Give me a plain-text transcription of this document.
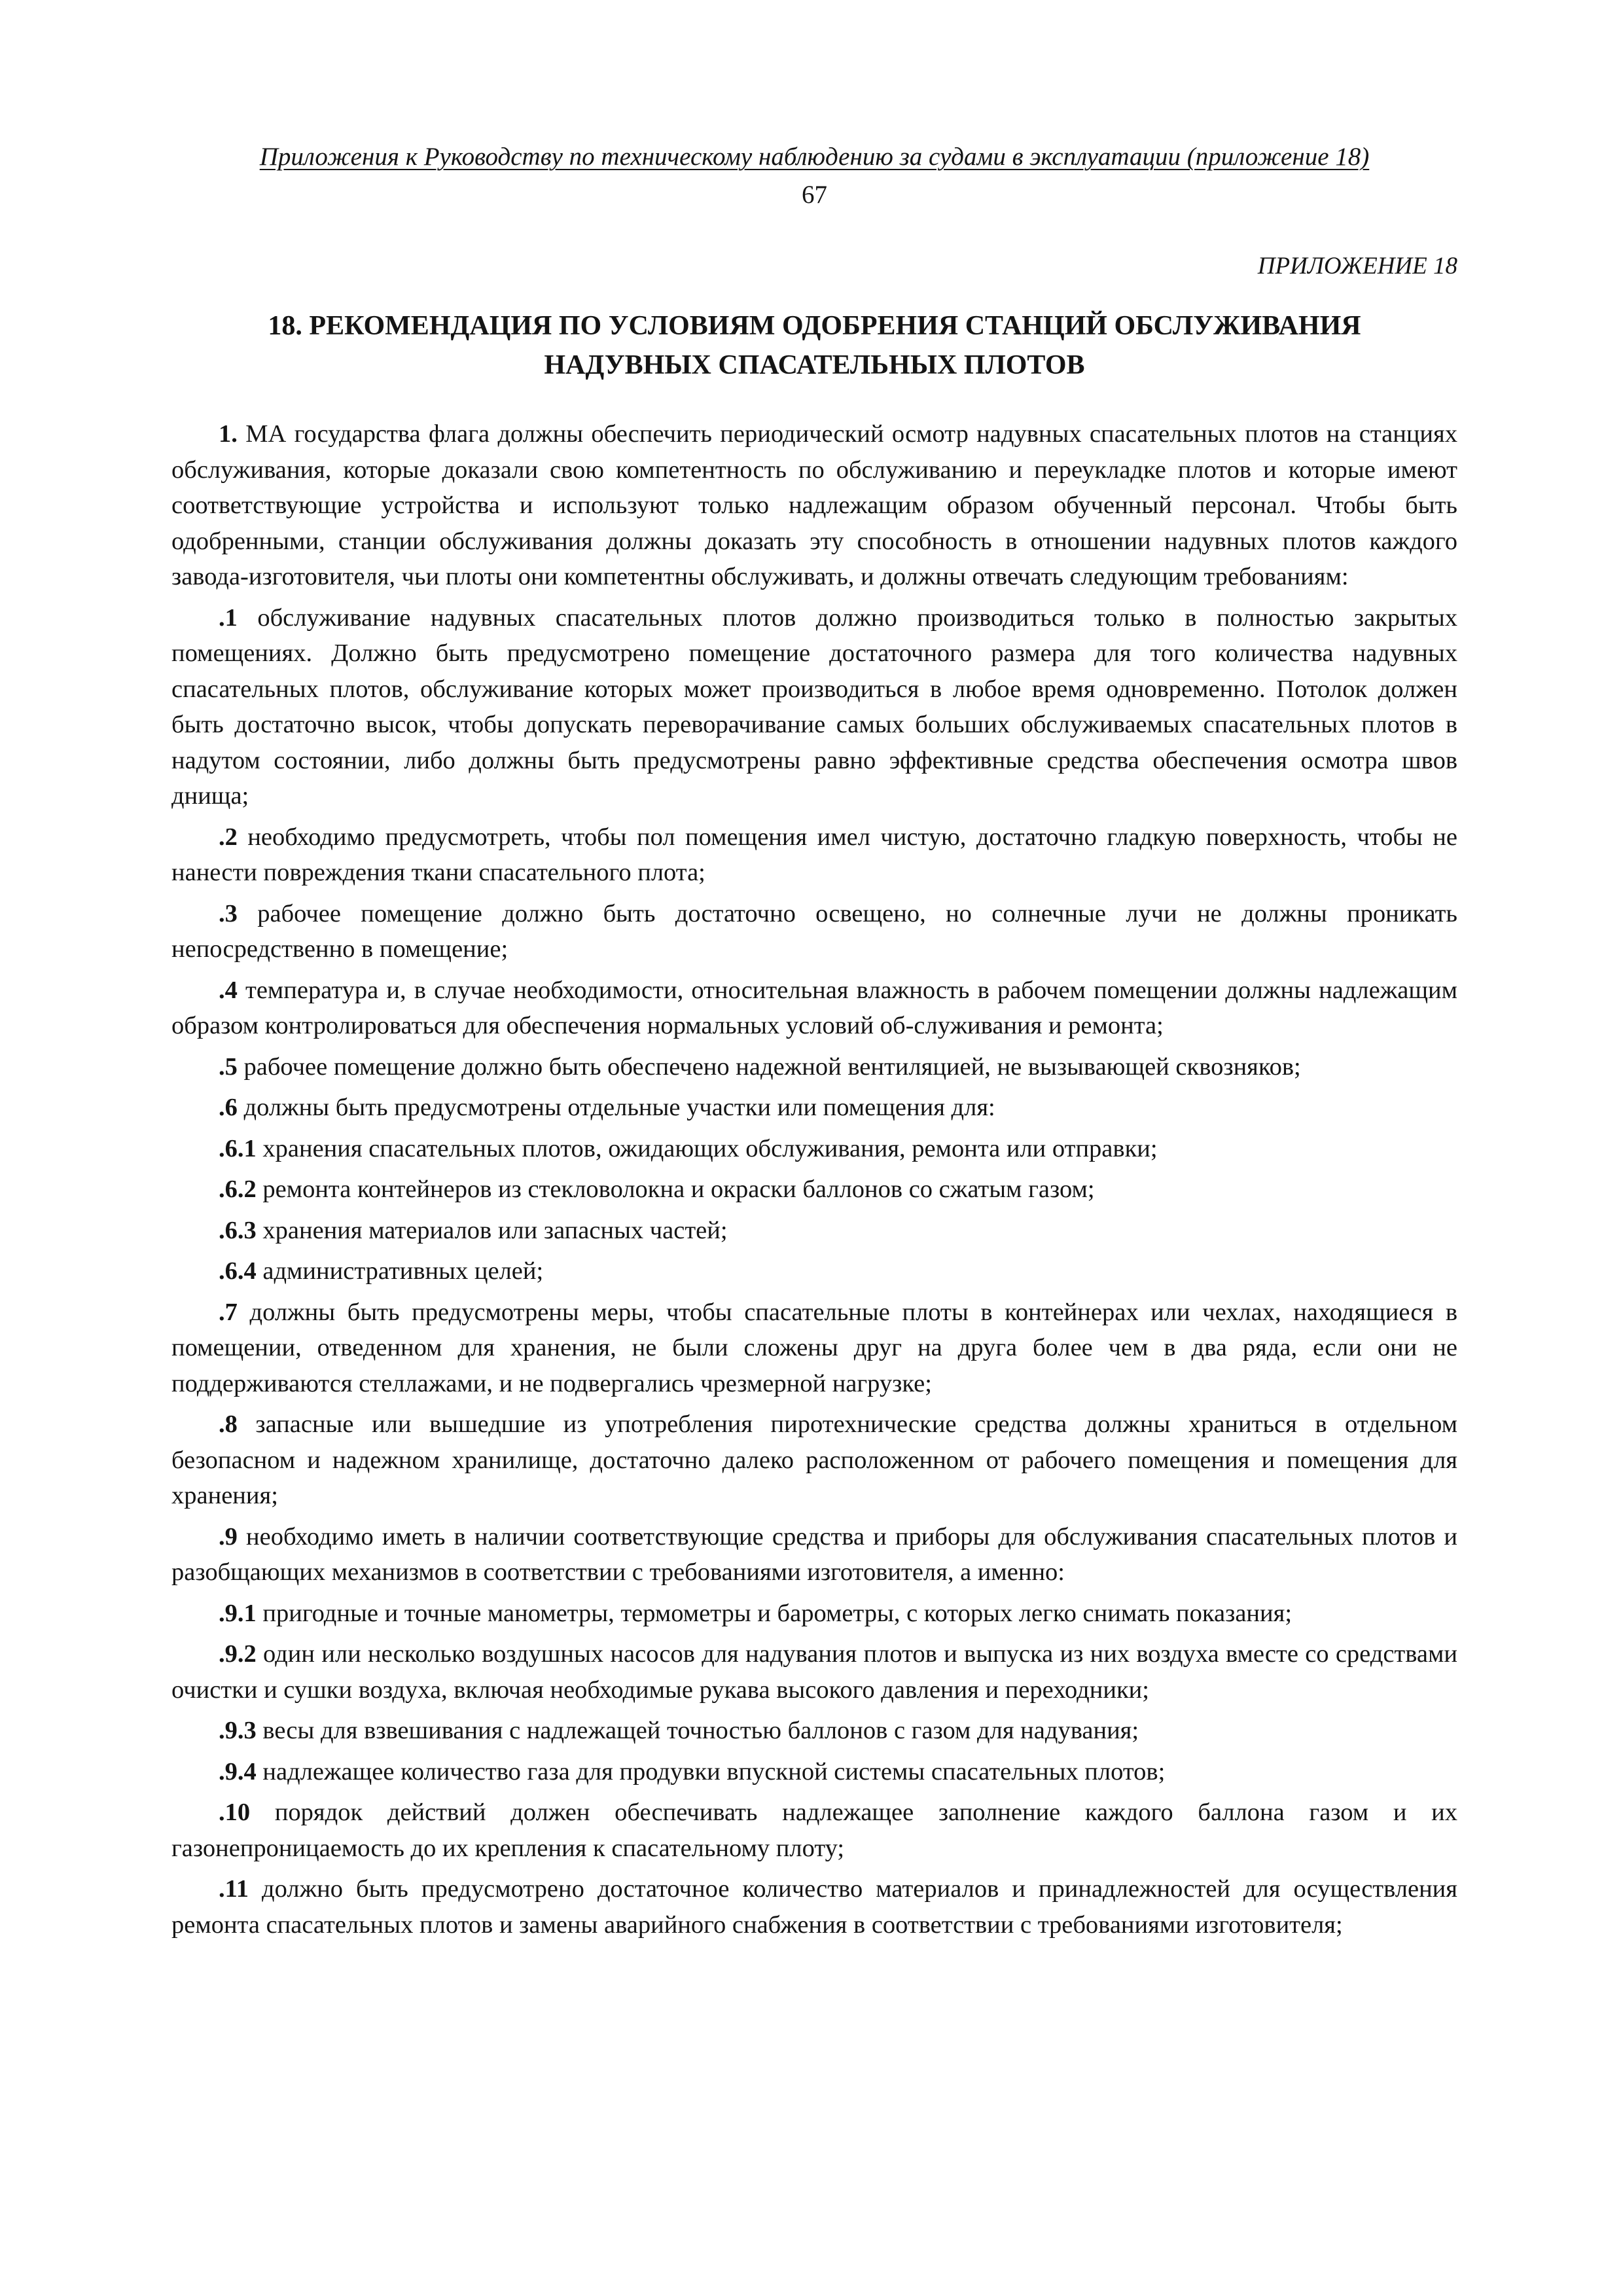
Приложения к Руководству по техническому наблюдению за судами в эксплуатации (приложение 18)
67
ПРИЛОЖЕНИЕ 18
18. РЕКОМЕНДАЦИЯ ПО УСЛОВИЯМ ОДОБРЕНИЯ СТАНЦИЙ ОБСЛУЖИВАНИЯ
НАДУВНЫХ СПАСАТЕЛЬНЫХ ПЛОТОВ

1. МА государства флага должны обеспечить периодический осмотр надувных спасательных плотов на станциях обслуживания, которые доказали свою компетентность по обслуживанию и переукладке плотов и которые имеют соответствующие устройства и используют только надлежащим образом обученный персонал. Чтобы быть одобренными, станции обслуживания должны доказать эту способность в отношении надувных плотов каждого завода-изготовителя, чьи плоты они компетентны обслуживать, и должны отвечать следующим требованиям:

.1 обслуживание надувных спасательных плотов должно производиться только в полностью закрытых помещениях. Должно быть предусмотрено помещение достаточного размера для того количества надувных спасательных плотов, обслуживание которых может производиться в любое время одновременно. Потолок должен быть достаточно высок, чтобы допускать переворачивание самых больших обслуживаемых спасательных плотов в надутом состоянии, либо должны быть предусмотрены равно эффективные средства обеспечения осмотра швов днища;

.2 необходимо предусмотреть, чтобы пол помещения имел чистую, достаточно гладкую поверхность, чтобы не нанести повреждения ткани спасательного плота;

.3 рабочее помещение должно быть достаточно освещено, но солнечные лучи не должны проникать непосредственно в помещение;

.4 температура и, в случае необходимости, относительная влажность в рабочем помещении должны надлежащим образом контролироваться для обеспечения нормальных условий об-служивания и ремонта;

.5 рабочее помещение должно быть обеспечено надежной вентиляцией, не вызывающей сквозняков;

.6 должны быть предусмотрены отдельные участки или помещения для:

.6.1 хранения спасательных плотов, ожидающих обслуживания, ремонта или отправки;

.6.2 ремонта контейнеров из стекловолокна и окраски баллонов со сжатым газом;

.6.3 хранения материалов или запасных частей;

.6.4 административных целей;

.7 должны быть предусмотрены меры, чтобы спасательные плоты в контейнерах или чехлах, находящиеся в помещении, отведенном для хранения, не были сложены друг на друга более чем в два ряда, если они не поддерживаются стеллажами, и не подвергались чрезмерной нагрузке;

.8 запасные или вышедшие из употребления пиротехнические средства должны храниться в отдельном безопасном и надежном хранилище, достаточно далеко расположенном от рабочего помещения и помещения для хранения;

.9 необходимо иметь в наличии соответствующие средства и приборы для обслуживания спасательных плотов и разобщающих механизмов в соответствии с требованиями изготовителя, а именно:

.9.1 пригодные и точные манометры, термометры и барометры, с которых легко снимать показания;

.9.2 один или несколько воздушных насосов для надувания плотов и выпуска из них воздуха вместе со средствами очистки и сушки воздуха, включая необходимые рукава высокого давления и переходники;

.9.3 весы для взвешивания с надлежащей точностью баллонов с газом для надувания;

.9.4 надлежащее количество газа для продувки впускной системы спасательных плотов;

.10 порядок действий должен обеспечивать надлежащее заполнение каждого баллона газом и их газонепроницаемость до их крепления к спасательному плоту;

.11 должно быть предусмотрено достаточное количество материалов и принадлежностей для осуществления ремонта спасательных плотов и замены аварийного снабжения в соответствии с требованиями изготовителя;
